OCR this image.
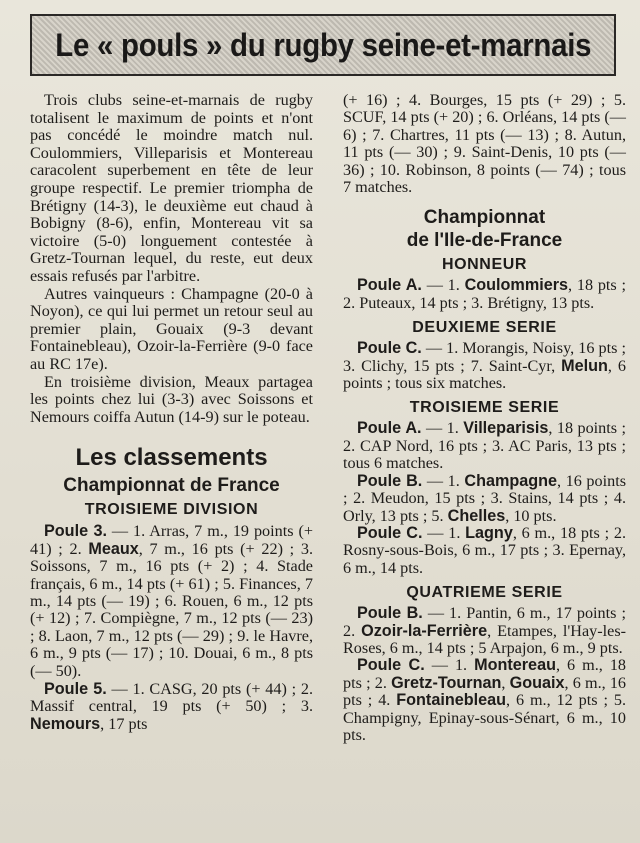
Le « pouls » du rugby seine-et-marnais

Trois clubs seine-et-marnais de rugby totalisent le maximum de points et n'ont pas concédé le moindre match nul. Coulommiers, Villeparisis et Montereau caracolent superbement en tête de leur groupe respectif. Le premier triompha de Brétigny (14-3), le deuxième eut chaud à Bobigny (8-6), enfin, Montereau vit sa victoire (5-0) longuement contestée à Gretz-Tournan lequel, du reste, eut deux essais refusés par l'arbitre.

Autres vainqueurs : Champagne (20-0 à Noyon), ce qui lui permet un retour seul au premier plain, Gouaix (9-3 devant Fontainebleau), Ozoir-la-Ferrière (9-0 face au RC 17e).

En troisième division, Meaux partagea les points chez lui (3-3) avec Soissons et Nemours coiffa Autun (14-9) sur le poteau.

Les classements
Championnat de France
TROISIEME DIVISION

Poule 3. — 1. Arras, 7 m., 19 points (+ 41) ; 2. Meaux, 7 m., 16 pts (+ 22) ; 3. Soissons, 7 m., 16 pts (+ 2) ; 4. Stade français, 6 m., 14 pts (+ 61) ; 5. Finances, 7 m., 14 pts (— 19) ; 6. Rouen, 6 m., 12 pts (+ 12) ; 7. Compiègne, 7 m., 12 pts (— 23) ; 8. Laon, 7 m., 12 pts (— 29) ; 9. le Havre, 6 m., 9 pts (— 17) ; 10. Douai, 6 m., 8 pts (— 50).

Poule 5. — 1. CASG, 20 pts (+ 44) ; 2. Massif central, 19 pts (+ 50) ; 3. Nemours, 17 pts

(+ 16) ; 4. Bourges, 15 pts (+ 29) ; 5. SCUF, 14 pts (+ 20) ; 6. Orléans, 14 pts (— 6) ; 7. Chartres, 11 pts (— 13) ; 8. Autun, 11 pts (— 30) ; 9. Saint-Denis, 10 pts (— 36) ; 10. Robinson, 8 points (— 74) ; tous 7 matches.

Championnat
de l'Ile-de-France
HONNEUR

Poule A. — 1. Coulommiers, 18 pts ; 2. Puteaux, 14 pts ; 3. Brétigny, 13 pts.

DEUXIEME SERIE

Poule C. — 1. Morangis, Noisy, 16 pts ; 3. Clichy, 15 pts ; 7. Saint-Cyr, Melun, 6 points ; tous six matches.

TROISIEME SERIE

Poule A. — 1. Villeparisis, 18 points ; 2. CAP Nord, 16 pts ; 3. AC Paris, 13 pts ; tous 6 matches.

Poule B. — 1. Champagne, 16 points ; 2. Meudon, 15 pts ; 3. Stains, 14 pts ; 4. Orly, 13 pts ; 5. Chelles, 10 pts.

Poule C. — 1. Lagny, 6 m., 18 pts ; 2. Rosny-sous-Bois, 6 m., 17 pts ; 3. Epernay, 6 m., 14 pts.

QUATRIEME SERIE

Poule B. — 1. Pantin, 6 m., 17 points ; 2. Ozoir-la-Ferrière, Etampes, l'Hay-les-Roses, 6 m., 14 pts ; 5 Arpajon, 6 m., 9 pts.

Poule C. — 1. Montereau, 6 m., 18 pts ; 2. Gretz-Tournan, Gouaix, 6 m., 16 pts ; 4. Fontainebleau, 6 m., 12 pts ; 5. Champigny, Epinay-sous-Sénart, 6 m., 10 pts.
